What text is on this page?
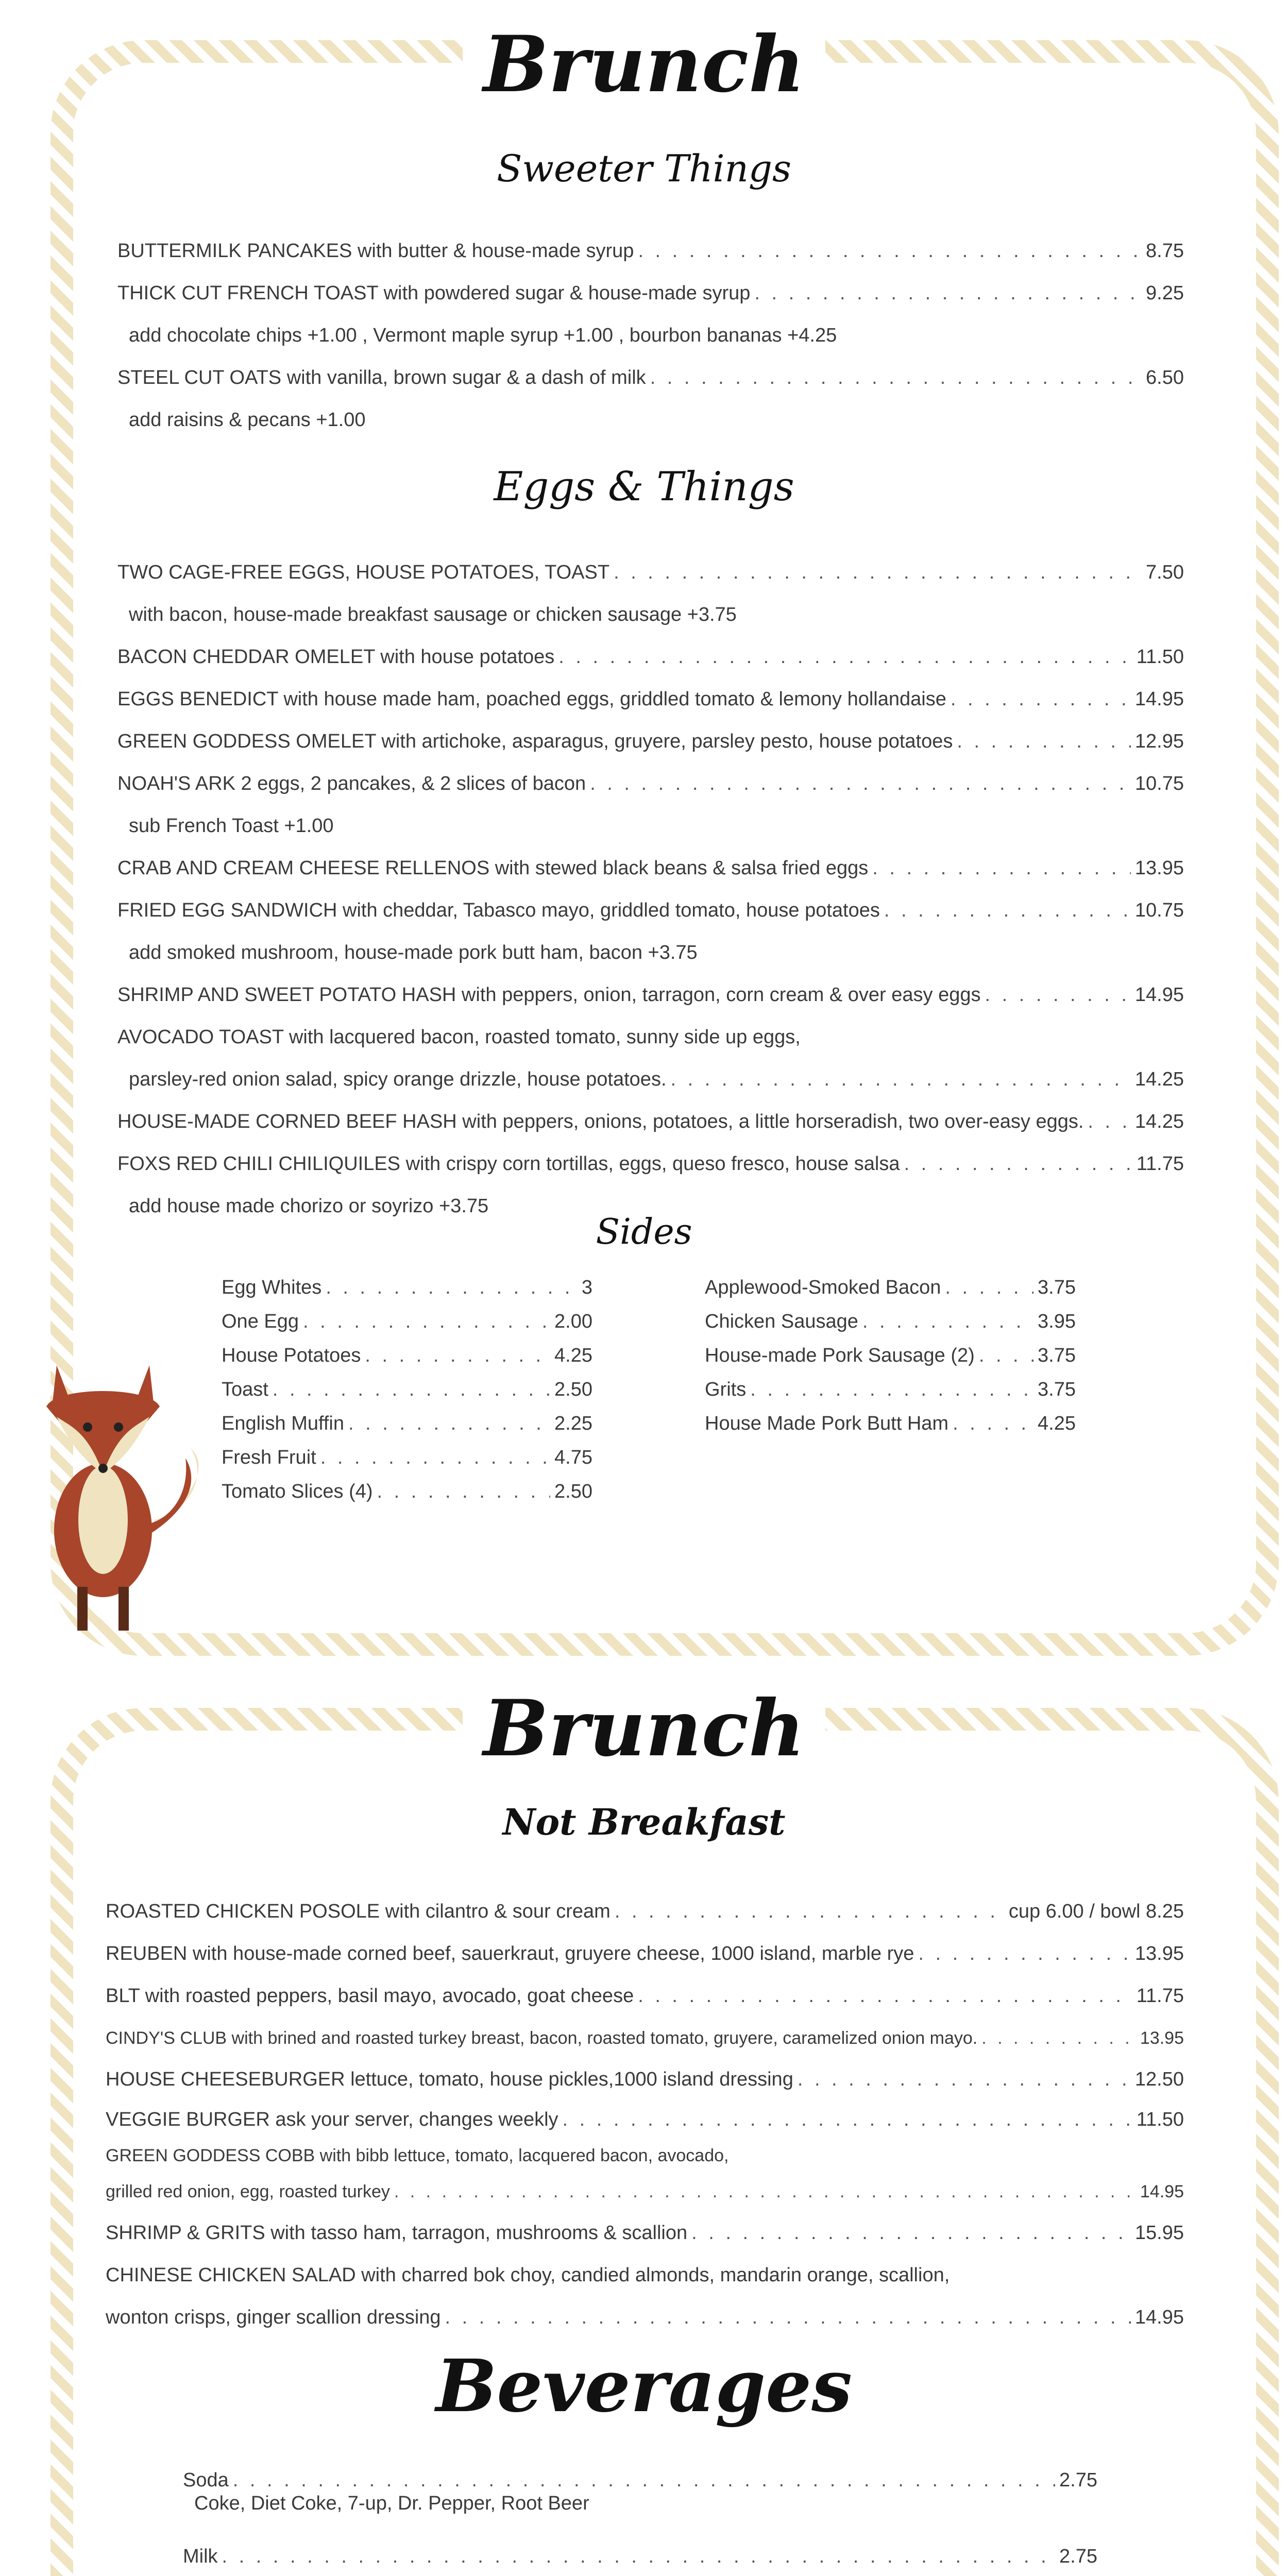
Brunch
Sweeter Things
BUTTERMILK PANCAKES with butter & house-made syrup . . .	8.75
THICK CUT FRENCH TOAST with powdered sugar & house-made syrup . . .	9.25
add chocolate chips +1.00 , Vermont maple syrup +1.00 , bourbon bananas +4.25
STEEL CUT OATS with vanilla, brown sugar & a dash of milk . . .	6.50
add raisins & pecans +1.00
Eggs & Things
TWO CAGE-FREE EGGS, HOUSE POTATOES, TOAST . . .	7.50
with bacon, house-made breakfast sausage or chicken sausage +3.75
BACON CHEDDAR OMELET with house potatoes . . .	11.50
EGGS BENEDICT with house made ham, poached eggs, griddled tomato & lemony hollandaise . . .	14.95
GREEN GODDESS OMELET with artichoke, asparagus, gruyere, parsley pesto, house potatoes . . .	12.95
NOAH'S ARK 2 eggs, 2 pancakes, & 2 slices of bacon . . .	10.75
sub French Toast +1.00
CRAB AND CREAM CHEESE RELLENOS with stewed black beans & salsa fried eggs . . .	13.95
FRIED EGG SANDWICH with cheddar, Tabasco mayo, griddled tomato, house potatoes . . .	10.75
add smoked mushroom, house-made pork butt ham, bacon +3.75
SHRIMP AND SWEET POTATO HASH with peppers, onion, tarragon, corn cream & over easy eggs . . .	14.95
AVOCADO TOAST with lacquered bacon, roasted tomato, sunny side up eggs,
parsley-red onion salad, spicy orange drizzle, house potatoes. . . .	14.25
HOUSE-MADE CORNED BEEF HASH with peppers, onions, potatoes, a little horseradish, two over-easy eggs. . . .	14.25
FOXS RED CHILI CHILIQUILES with crispy corn tortillas, eggs, queso fresco, house salsa . . .	11.75
add house made chorizo or soyrizo +3.75
Sides
Egg Whites . . .	3
One Egg . . .	2.00
House Potatoes . . .	4.25
Toast . . .	2.50
English Muffin . . .	2.25
Fresh Fruit . . .	4.75
Tomato Slices (4) . . .	2.50
Applewood-Smoked Bacon . . .	3.75
Chicken Sausage . . .	3.95
House-made Pork Sausage (2) . . .	3.75
Grits . . .	3.75
House Made Pork Butt Ham . . .	4.25
Brunch
Not Breakfast
ROASTED CHICKEN POSOLE with cilantro & sour cream . . .	cup 6.00 / bowl 8.25
REUBEN with house-made corned beef, sauerkraut, gruyere cheese, 1000 island, marble rye . . .	13.95
BLT with roasted peppers, basil mayo, avocado, goat cheese . . .	11.75
CINDY'S CLUB with brined and roasted turkey breast, bacon, roasted tomato, gruyere, caramelized onion mayo. . . .	13.95
HOUSE CHEESEBURGER lettuce, tomato, house pickles,1000 island dressing . . .	12.50
VEGGIE BURGER ask your server, changes weekly . . .	11.50
GREEN GODDESS COBB with bibb lettuce, tomato, lacquered bacon, avocado,
grilled red onion, egg, roasted turkey . . .	14.95
SHRIMP & GRITS with tasso ham, tarragon, mushrooms & scallion . . .	15.95
CHINESE CHICKEN SALAD with charred bok choy, candied almonds, mandarin orange, scallion,
wonton crisps, ginger scallion dressing . . .	14.95
Beverages
Soda . . .	2.75
Coke, Diet Coke, 7-up, Dr. Pepper, Root Beer
Milk . . .	2.75
